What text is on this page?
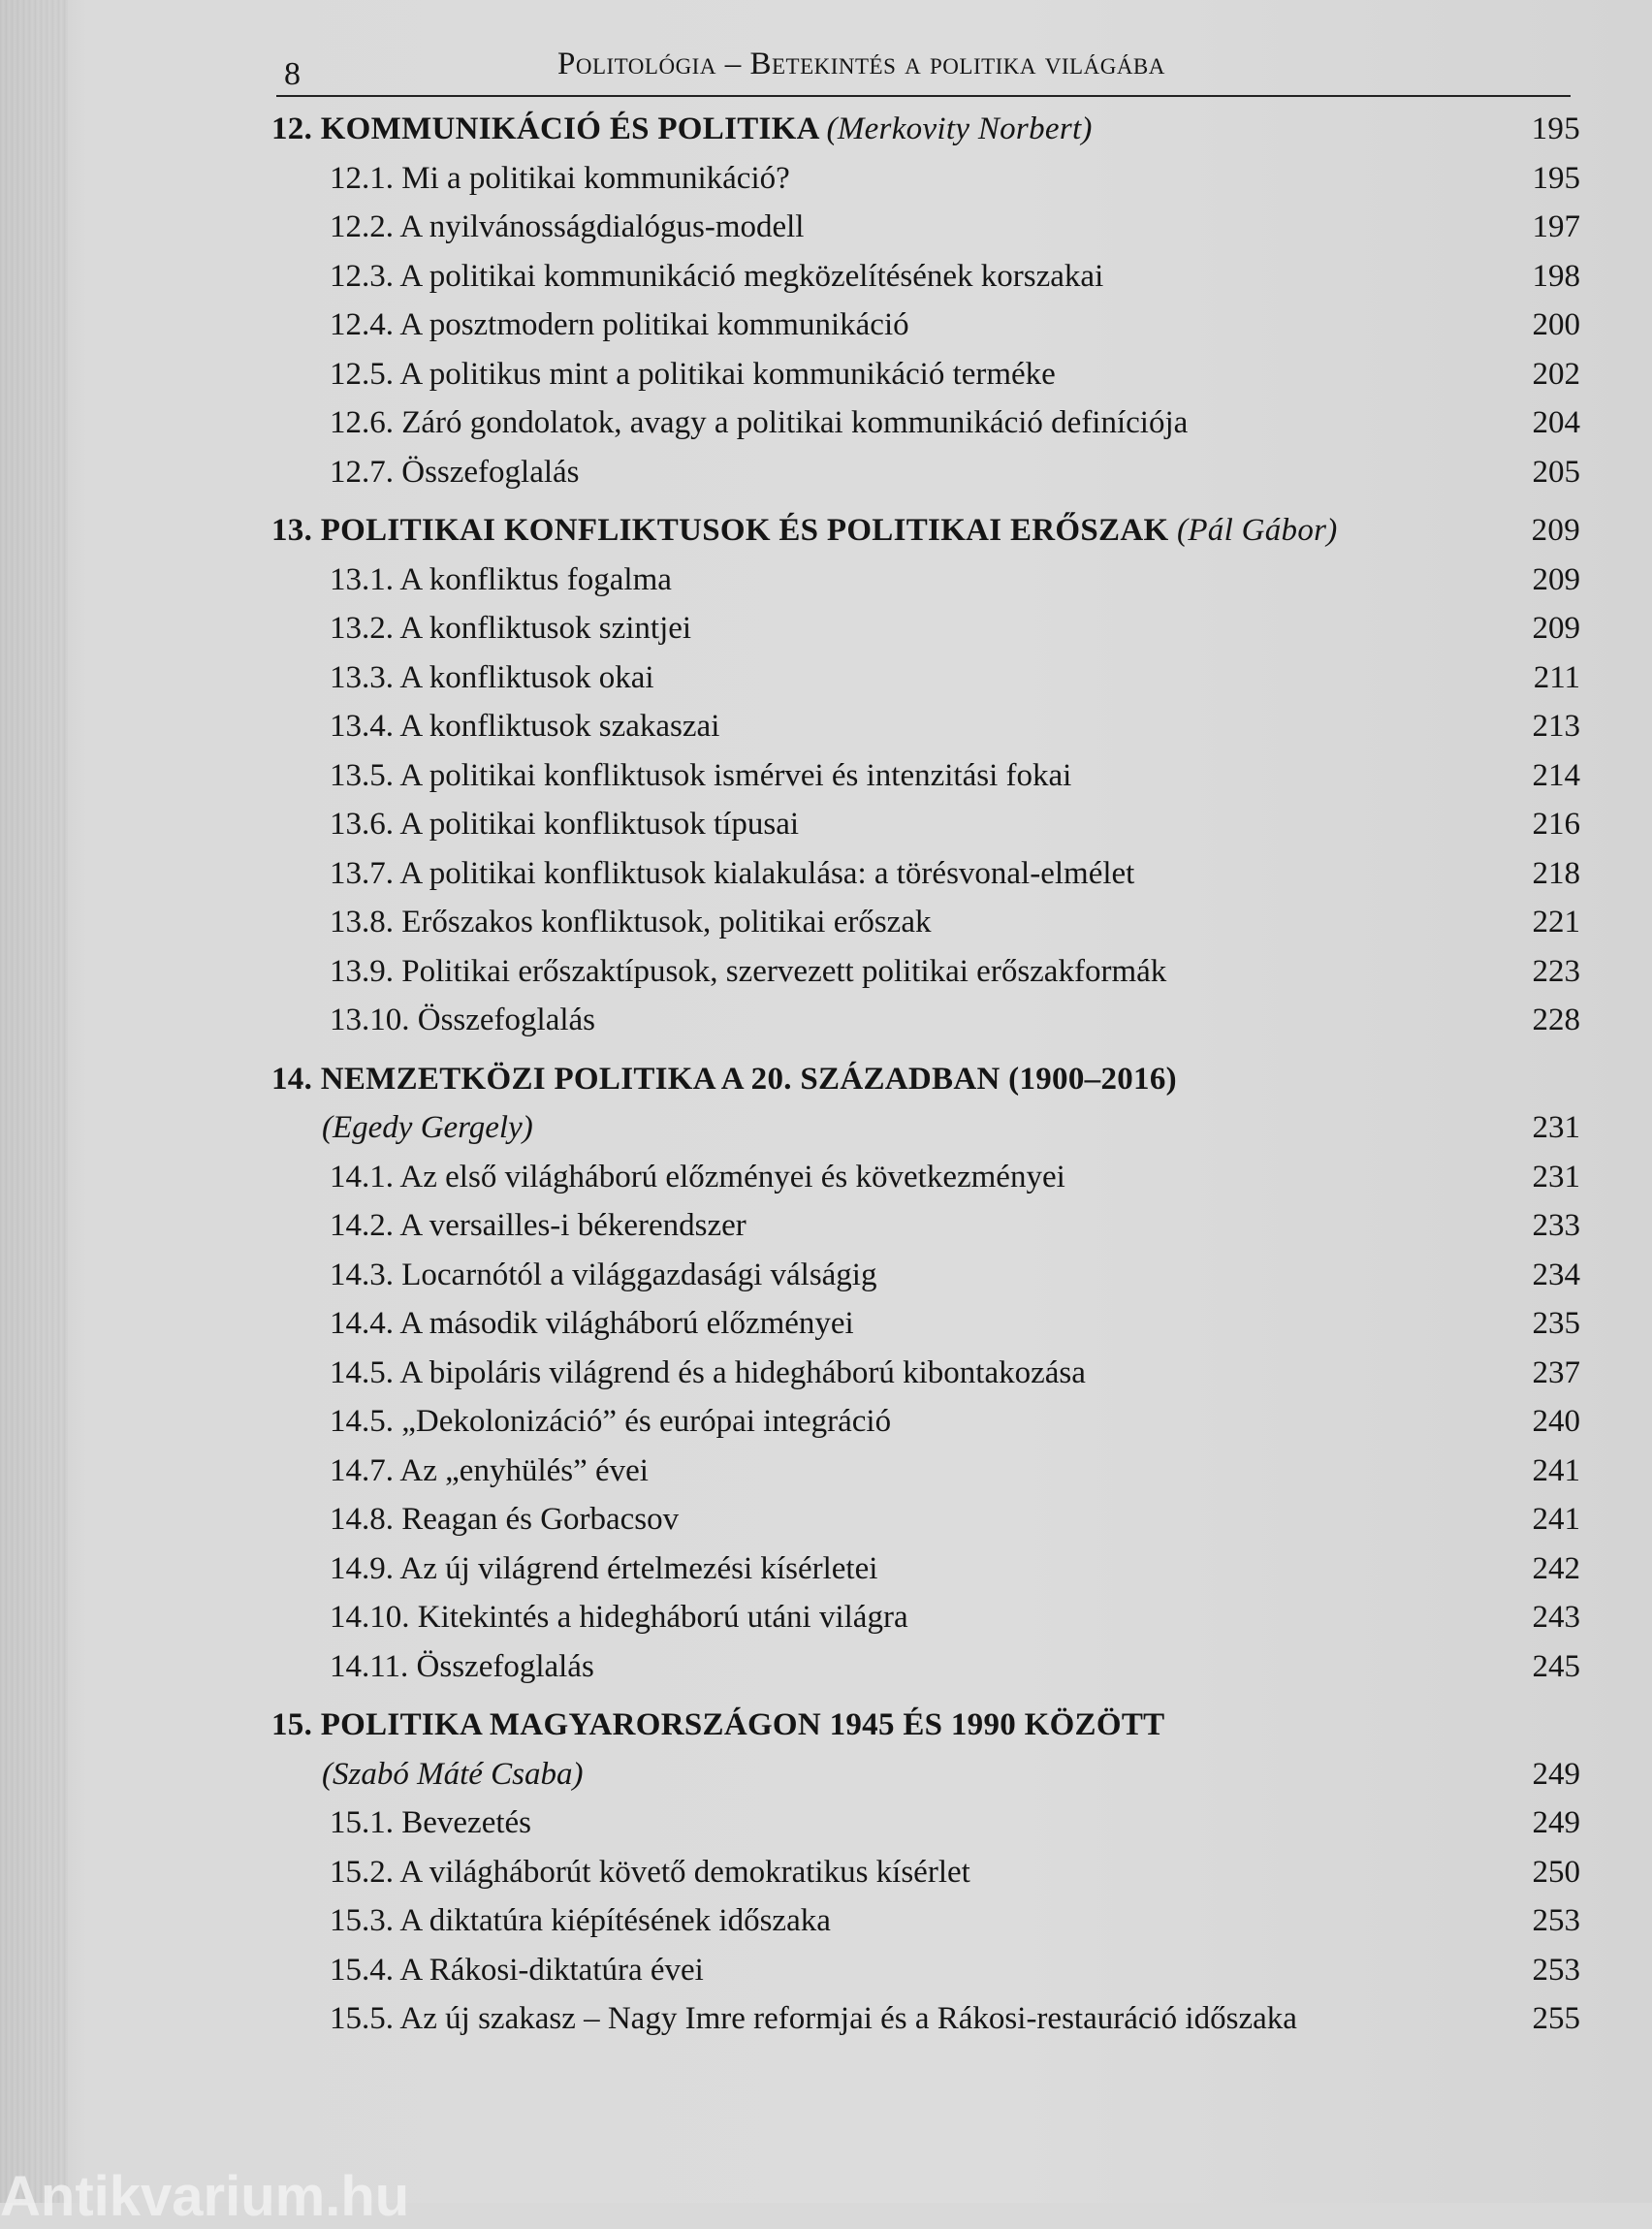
8	Politológia – Betekintés a politika világába
12. KOMMUNIKÁCIÓ ÉS POLITIKA (Merkovity Norbert)	195
12.1. Mi a politikai kommunikáció?	195
12.2. A nyilvánosságdialógus-modell	197
12.3. A politikai kommunikáció megközelítésének korszakai	198
12.4. A posztmodern politikai kommunikáció	200
12.5. A politikus mint a politikai kommunikáció terméke	202
12.6. Záró gondolatok, avagy a politikai kommunikáció definíciója	204
12.7. Összefoglalás	205
13. POLITIKAI KONFLIKTUSOK ÉS POLITIKAI ERŐSZAK (Pál Gábor)	209
13.1. A konfliktus fogalma	209
13.2. A konfliktusok szintjei	209
13.3. A konfliktusok okai	211
13.4. A konfliktusok szakaszai	213
13.5. A politikai konfliktusok ismérvei és intenzitási fokai	214
13.6. A politikai konfliktusok típusai	216
13.7. A politikai konfliktusok kialakulása: a törésvonal-elmélet	218
13.8. Erőszakos konfliktusok, politikai erőszak	221
13.9. Politikai erőszaktípusok, szervezett politikai erőszakformák	223
13.10. Összefoglalás	228
14. NEMZETKÖZI POLITIKA A 20. SZÁZADBAN (1900–2016)
(Egedy Gergely)	231
14.1. Az első világháború előzményei és következményei	231
14.2. A versailles-i békerendszer	233
14.3. Locarnótól a világgazdasági válságig	234
14.4. A második világháború előzményei	235
14.5. A bipoláris világrend és a hidegháború kibontakozása	237
14.5. „Dekolonizáció” és európai integráció	240
14.7. Az „enyhülés” évei	241
14.8. Reagan és Gorbacsov	241
14.9. Az új világrend értelmezési kísérletei	242
14.10. Kitekintés a hidegháború utáni világra	243
14.11. Összefoglalás	245
15. POLITIKA MAGYARORSZÁGON 1945 ÉS 1990 KÖZÖTT
(Szabó Máté Csaba)	249
15.1. Bevezetés	249
15.2. A világháborút követő demokratikus kísérlet	250
15.3. A diktatúra kiépítésének időszaka	253
15.4. A Rákosi-diktatúra évei	253
15.5. Az új szakasz – Nagy Imre reformjai és a Rákosi-restauráció időszaka	255
Antikvarium.hu
